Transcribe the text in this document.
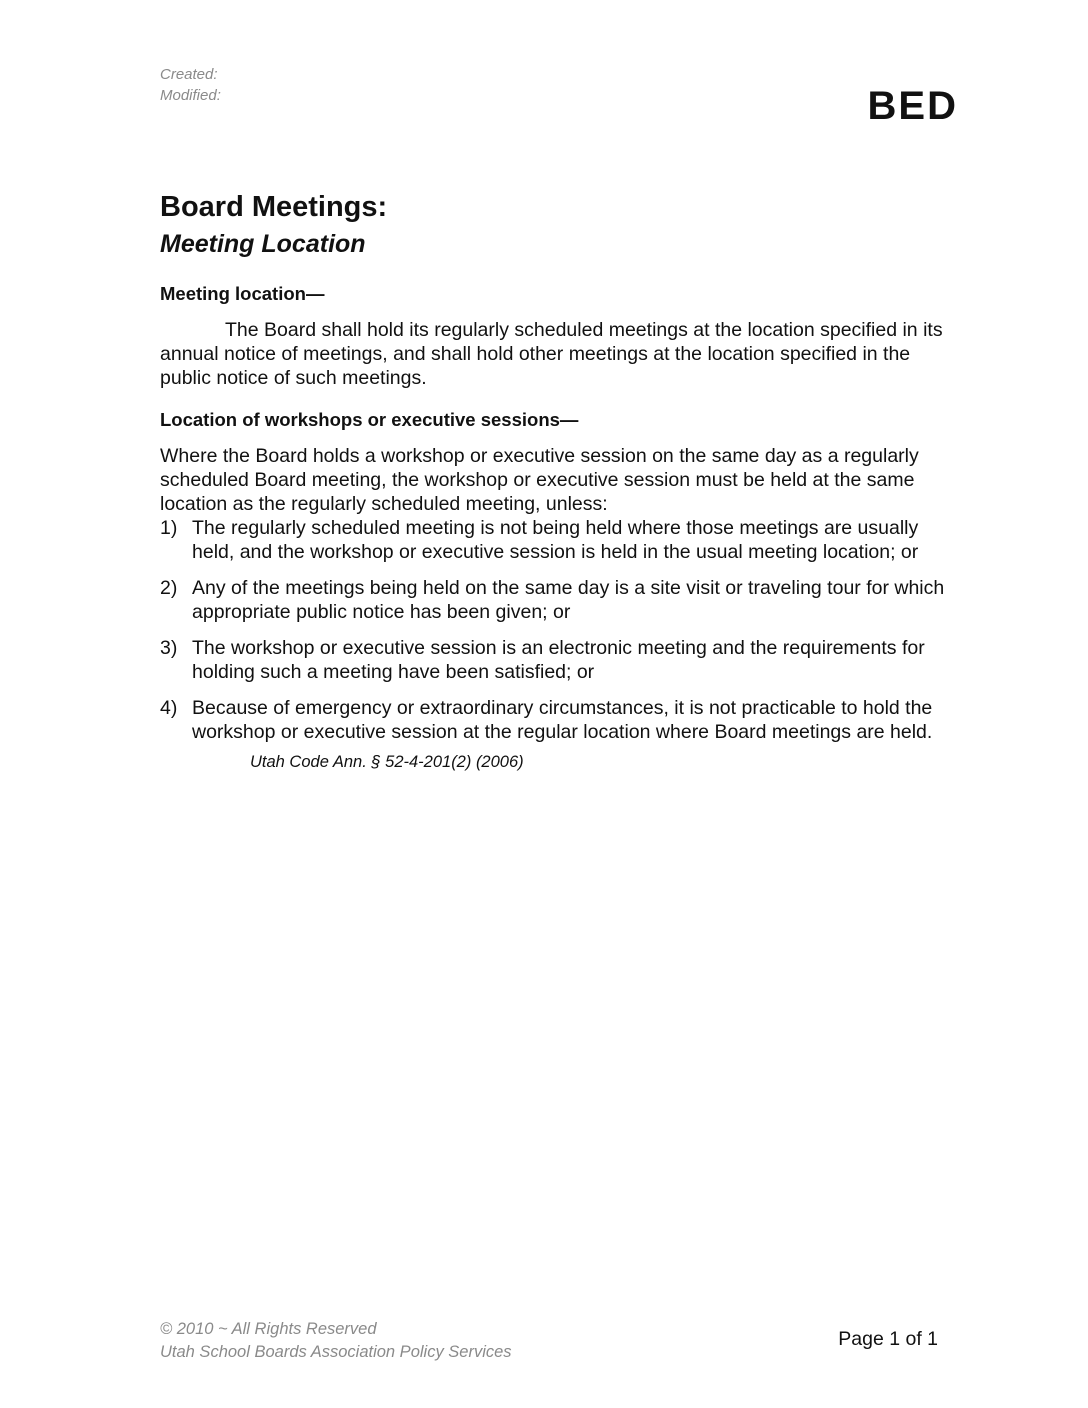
Created:
Modified:	BED
Board Meetings:
Meeting Location
Meeting location—

The Board shall hold its regularly scheduled meetings at the location specified in its annual notice of meetings, and shall hold other meetings at the location specified in the public notice of such meetings.

Location of workshops or executive sessions—

Where the Board holds a workshop or executive session on the same day as a regularly scheduled Board meeting, the workshop or executive session must be held at the same location as the regularly scheduled meeting, unless:

1) The regularly scheduled meeting is not being held where those meetings are usually held, and the workshop or executive session is held in the usual meeting location; or
2) Any of the meetings being held on the same day is a site visit or traveling tour for which appropriate public notice has been given; or
3) The workshop or executive session is an electronic meeting and the requirements for holding such a meeting have been satisfied; or
4) Because of emergency or extraordinary circumstances, it is not practicable to hold the workshop or executive session at the regular location where Board meetings are held.
Utah Code Ann. § 52-4-201(2) (2006)
© 2010 ~ All Rights Reserved
Utah School Boards Association Policy Services
Page 1 of 1
